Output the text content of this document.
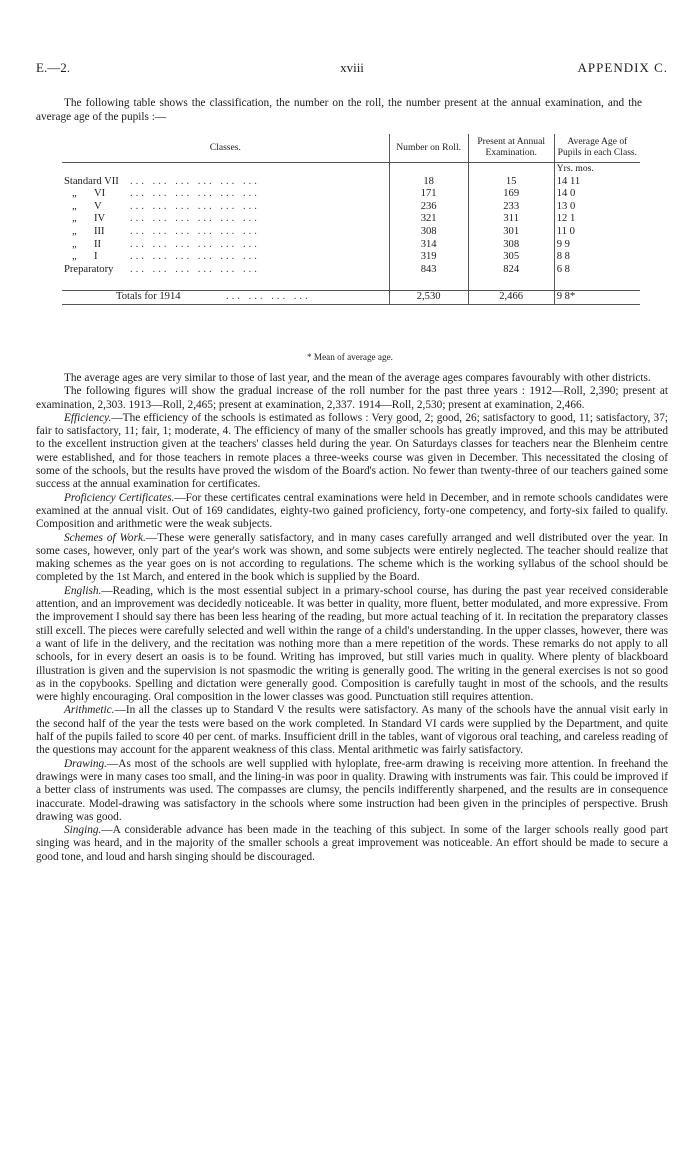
E.—2.	xviii	APPENDIX C.
The following table shows the classification, the number on the roll, the number present at the annual examination, and the average age of the pupils :—
Classes.	Number on Roll.	Present at Annual Examination.	Average Age of Pupils in each Class.
			Yrs. mos.

Standard VII ... ... ... ... ... ...	18	15	14 11

„ VI ... ... ... ... ... ...	171	169	14 0

„ V ... ... ... ... ... ...	236	233	13 0

„ IV ... ... ... ... ... ...	321	311	12 1

„ III ... ... ... ... ... ...	308	301	11 0

„ II ... ... ... ... ... ...	314	308	9 9

„ I ... ... ... ... ... ...	319	305	8 8

Preparatory ... ... ... ... ... ...	843	824	6 8

Totals for 1914 ... ... ... ...	2,530	2,466	9 8*
* Mean of average age.

The average ages are very similar to those of last year, and the mean of the average ages compares favourably with other districts.

The following figures will show the gradual increase of the roll number for the past three years : 1912—Roll, 2,390; present at examination, 2,303. 1913—Roll, 2,465; present at examination, 2,337. 1914—Roll, 2,530; present at examination, 2,466.

Efficiency.—The efficiency of the schools is estimated as follows : Very good, 2; good, 26; satisfactory to good, 11; satisfactory, 37; fair to satisfactory, 11; fair, 1; moderate, 4. The efficiency of many of the smaller schools has greatly improved, and this may be attributed to the excellent instruction given at the teachers' classes held during the year. On Saturdays classes for teachers near the Blenheim centre were established, and for those teachers in remote places a three-weeks course was given in December. This necessitated the closing of some of the schools, but the results have proved the wisdom of the Board's action. No fewer than twenty-three of our teachers gained some success at the annual examination for certificates.

Proficiency Certificates.—For these certificates central examinations were held in December, and in remote schools candidates were examined at the annual visit. Out of 169 candidates, eighty-two gained proficiency, forty-one competency, and forty-six failed to qualify. Composition and arithmetic were the weak subjects.

Schemes of Work.—These were generally satisfactory, and in many cases carefully arranged and well distributed over the year. In some cases, however, only part of the year's work was shown, and some subjects were entirely neglected. The teacher should realize that making schemes as the year goes on is not according to regulations. The scheme which is the working syllabus of the school should be completed by the 1st March, and entered in the book which is supplied by the Board.

English.—Reading, which is the most essential subject in a primary-school course, has during the past year received considerable attention, and an improvement was decidedly noticeable. It was better in quality, more fluent, better modulated, and more expressive. From the improvement I should say there has been less hearing of the reading, but more actual teaching of it. In recitation the preparatory classes still excell. The pieces were carefully selected and well within the range of a child's understanding. In the upper classes, however, there was a want of life in the delivery, and the recitation was nothing more than a mere repetition of the words. These remarks do not apply to all schools, for in every desert an oasis is to be found. Writing has improved, but still varies much in quality. Where plenty of blackboard illustration is given and the supervision is not spasmodic the writing is generally good. The writing in the general exercises is not so good as in the copybooks. Spelling and dictation were generally good. Composition is carefully taught in most of the schools, and the results were highly encouraging. Oral composition in the lower classes was good. Punctuation still requires attention.

Arithmetic.—In all the classes up to Standard V the results were satisfactory. As many of the schools have the annual visit early in the second half of the year the tests were based on the work completed. In Standard VI cards were supplied by the Department, and quite half of the pupils failed to score 40 per cent. of marks. Insufficient drill in the tables, want of vigorous oral teaching, and careless reading of the questions may account for the apparent weakness of this class. Mental arithmetic was fairly satisfactory.

Drawing.—As most of the schools are well supplied with hyloplate, free-arm drawing is receiving more attention. In freehand the drawings were in many cases too small, and the lining-in was poor in quality. Drawing with instruments was fair. This could be improved if a better class of instruments was used. The compasses are clumsy, the pencils indifferently sharpened, and the results are in consequence inaccurate. Model-drawing was satisfactory in the schools where some instruction had been given in the principles of perspective. Brush drawing was good.

Singing.—A considerable advance has been made in the teaching of this subject. In some of the larger schools really good part singing was heard, and in the majority of the smaller schools a great improvement was noticeable. An effort should be made to secure a good tone, and loud and harsh singing should be discouraged.
